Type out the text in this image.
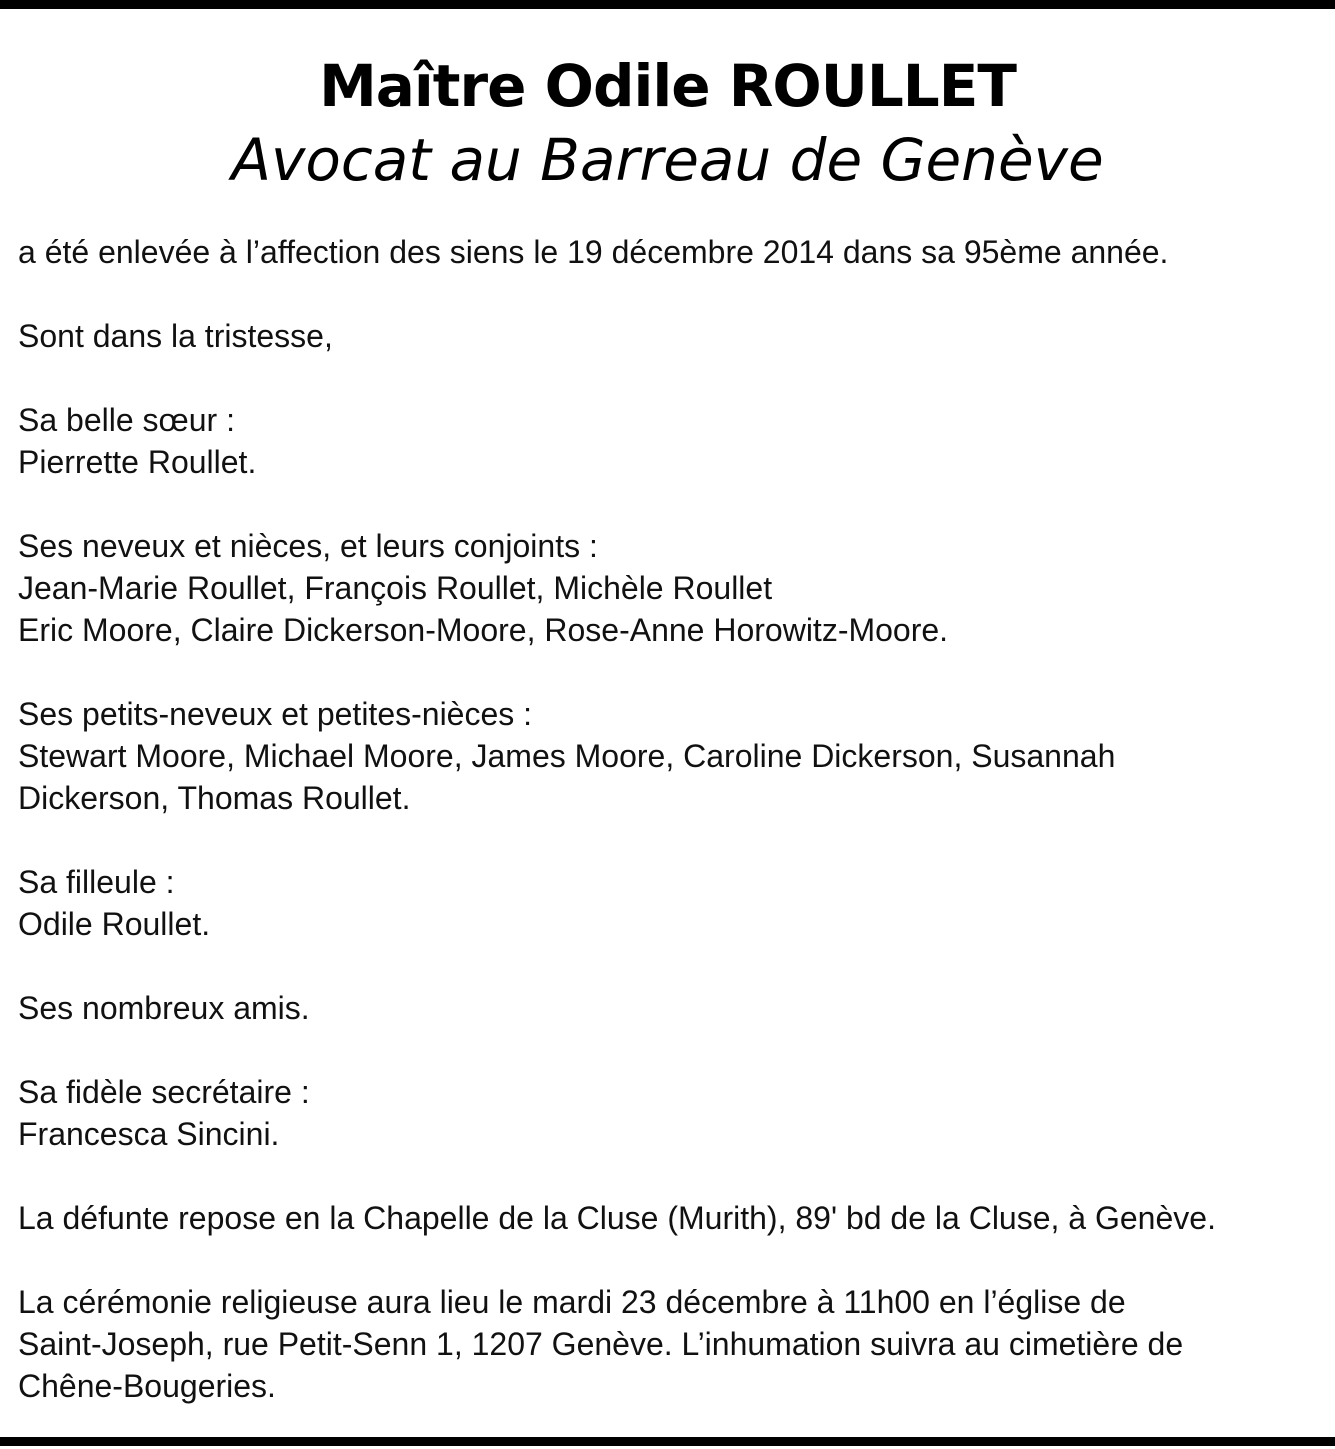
Maître Odile ROULLET
Avocat au Barreau de Genève
a été enlevée à l’affection des siens le 19 décembre 2014 dans sa 95ème année.
Sont dans la tristesse,
Sa belle sœur :
Pierrette Roullet.
Ses neveux et nièces, et leurs conjoints :
Jean-Marie Roullet, François Roullet, Michèle Roullet
Eric Moore, Claire Dickerson-Moore, Rose-Anne Horowitz-Moore.
Ses petits-neveux et petites-nièces :
Stewart Moore, Michael Moore, James Moore, Caroline Dickerson, Susannah
Dickerson, Thomas Roullet.
Sa filleule :
Odile Roullet.
Ses nombreux amis.
Sa fidèle secrétaire :
Francesca Sincini.
La défunte repose en la Chapelle de la Cluse (Murith), 89' bd de la Cluse, à Genève.
La cérémonie religieuse aura lieu le mardi 23 décembre à 11h00 en l’église de
Saint-Joseph, rue Petit-Senn 1, 1207 Genève. L’inhumation suivra au cimetière de
Chêne-Bougeries.
